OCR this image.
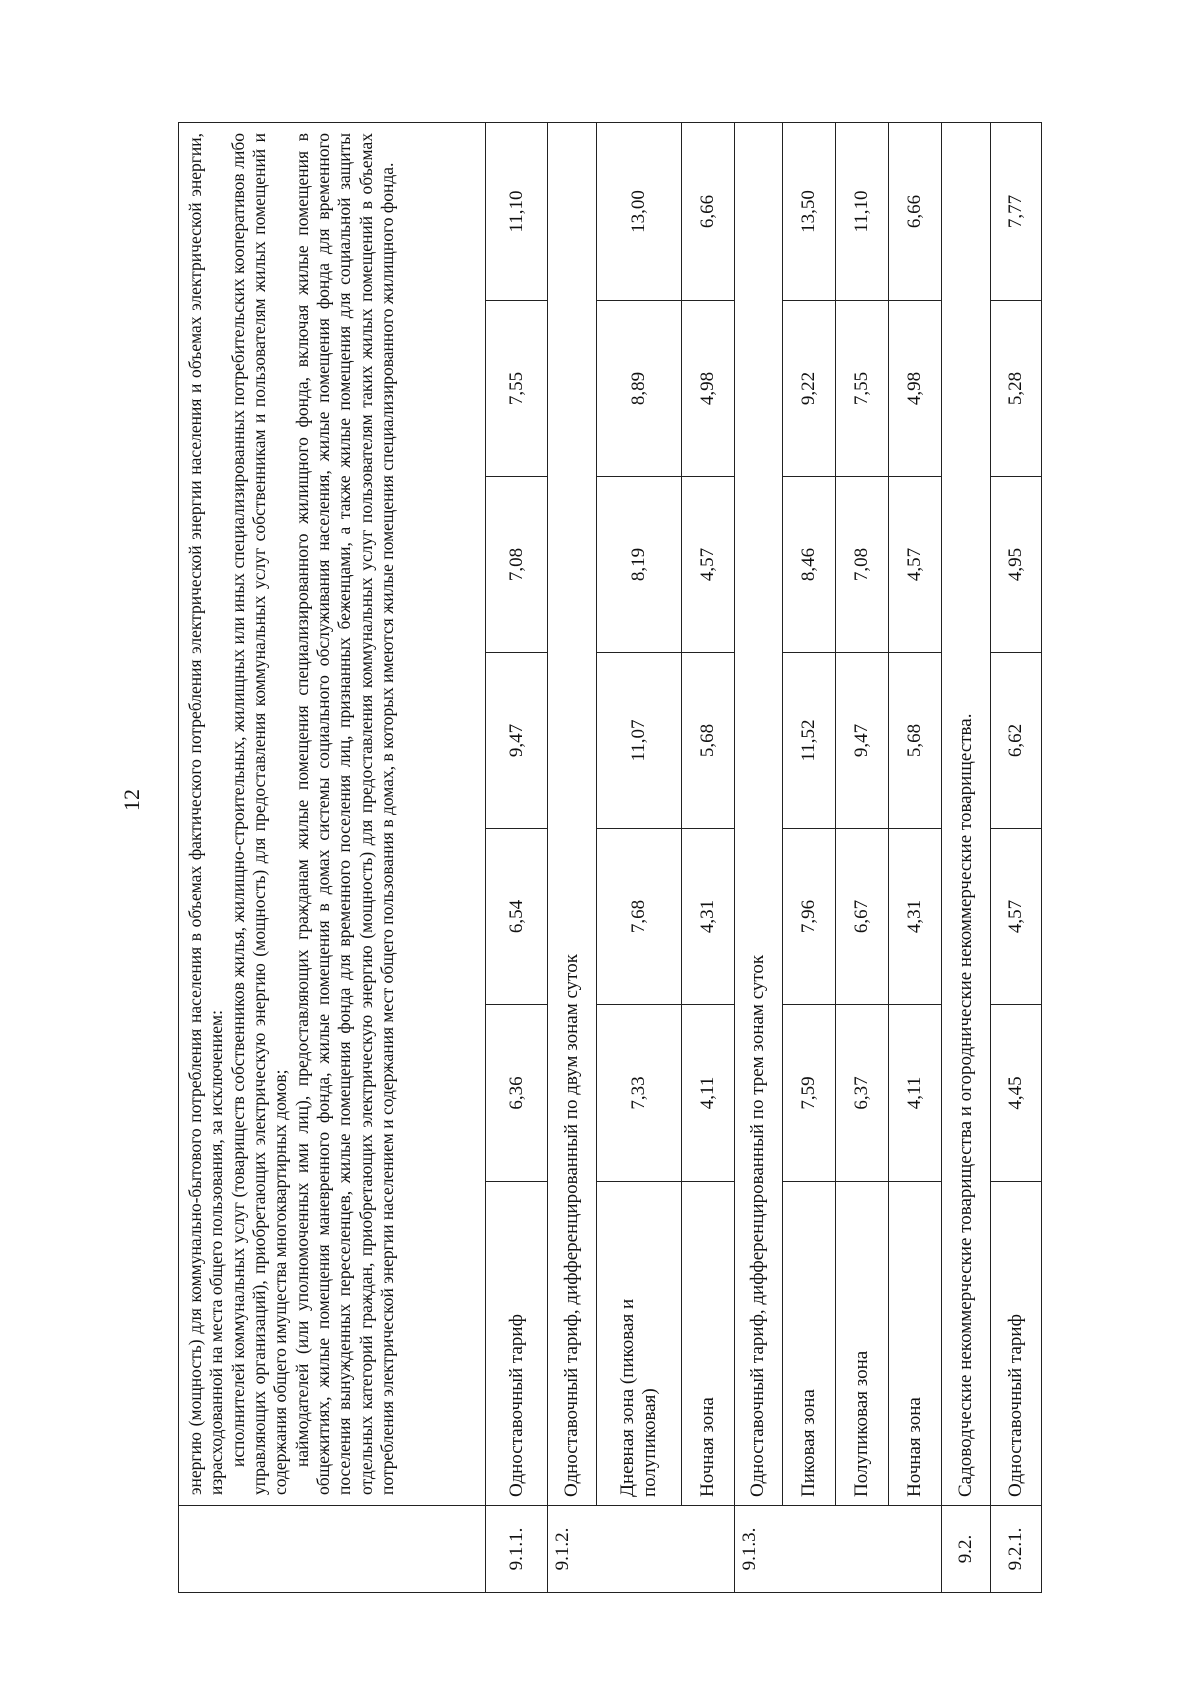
12

	энергию (мощность) для коммунально-бытового потребления населения в объемах фактического потребления электрической энергии населения и объемах электрической энергии, израсходованной на места общего пользования, за исключением: исполнителей коммунальных услуг (товариществ собственников жилья, жилищно-строительных, жилищных или иных специализированных потребительских кооперативов либо управляющих организаций), приобретающих электрическую энергию (мощность) для предоставления коммунальных услуг собственникам и пользователям жилых помещений и содержания общего имущества многоквартирных домов; наймодателей (или уполномоченных ими лиц), предоставляющих гражданам жилые помещения специализированного жилищного фонда, включая жилые помещения в общежитиях, жилые помещения маневренного фонда, жилые помещения в домах системы социального обслуживания населения, жилые помещения фонда для временного поселения вынужденных переселенцев, жилые помещения фонда для временного поселения лиц, признанных беженцами, а также жилые помещения для социальной защиты отдельных категорий граждан, приобретающих электрическую энергию (мощность) для предоставления коммунальных услуг пользователям таких жилых помещений в объемах потребления электрической энергии населением и содержания мест общего пользования в домах, в которых имеются жилые помещения специализированного жилищного фонда.						

9.1.1.	Одноставочный тариф	6,36	6,54	9,47	7,08	7,55	11,10
9.1.2.	Одноставочный тариф, дифференцированный по двум зонам суток						
	Дневная зона (пиковая и полупиковая)	7,33	7,68	11,07	8,19	8,89	13,00
	Ночная зона	4,11	4,31	5,68	4,57	4,98	6,66
9.1.3.	Одноставочный тариф, дифференцированный по трем зонам суток						
	Пиковая зона	7,59	7,96	11,52	8,46	9,22	13,50
	Полупиковая зона	6,37	6,67	9,47	7,08	7,55	11,10
	Ночная зона	4,11	4,31	5,68	4,57	4,98	6,66
9.2.	Садоводческие некоммерческие товарищества и огороднические некоммерческие товарищества.						
9.2.1.	Одноставочный тариф	4,45	4,57	6,62	4,95	5,28	7,77
